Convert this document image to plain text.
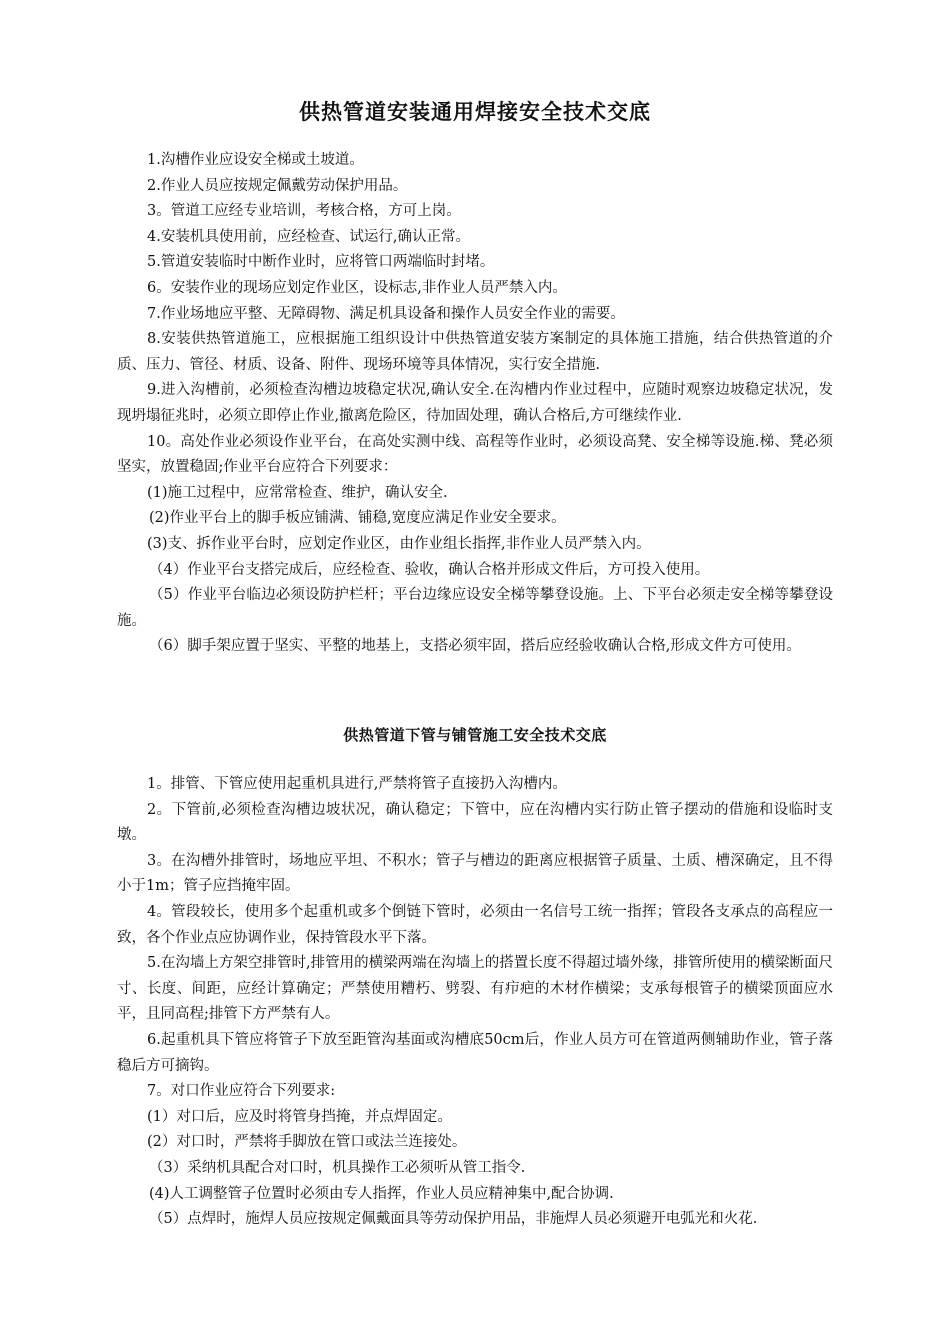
供热管道安装通用焊接安全技术交底

1.沟槽作业应设安全梯或土坡道。

2.作业人员应按规定佩戴劳动保护用品。

3。管道工应经专业培训，考核合格，方可上岗。

4.安装机具使用前，应经检查、试运行,确认正常。

5.管道安装临时中断作业时，应将管口两端临时封堵。

6。安装作业的现场应划定作业区，设标志,非作业人员严禁入内。

7.作业场地应平整、无障碍物、满足机具设备和操作人员安全作业的需要。

8.安装供热管道施工，应根据施工组织设计中供热管道安装方案制定的具体施工措施，结合供热管道的介质、压力、管径、材质、设备、附件、现场环境等具体情况，实行安全措施.

9.进入沟槽前，必须检查沟槽边坡稳定状况,确认安全.在沟槽内作业过程中，应随时观察边坡稳定状况，发现坍塌征兆时，必须立即停止作业,撤离危险区，待加固处理，确认合格后,方可继续作业.

10。高处作业必须设作业平台，在高处实测中线、高程等作业时，必须设高凳、安全梯等设施.梯、凳必须坚实，放置稳固;作业平台应符合下列要求：

(1)施工过程中，应常常检查、维护，确认安全.

(2)作业平台上的脚手板应铺满、铺稳,宽度应满足作业安全要求。

(3)支、拆作业平台时，应划定作业区，由作业组长指挥,非作业人员严禁入内。

（4）作业平台支搭完成后，应经检查、验收，确认合格并形成文件后，方可投入使用。

（5）作业平台临边必须设防护栏杆；平台边缘应设安全梯等攀登设施。上、下平台必须走安全梯等攀登设施。

（6）脚手架应置于坚实、平整的地基上，支搭必须牢固，搭后应经验收确认合格,形成文件方可使用。

供热管道下管与铺管施工安全技术交底

1。排管、下管应使用起重机具进行,严禁将管子直接扔入沟槽内。

2。下管前,必须检查沟槽边坡状况，确认稳定；下管中，应在沟槽内实行防止管子摆动的借施和设临时支墩。

3。在沟槽外排管时，场地应平坦、不积水；管子与槽边的距离应根据管子质量、土质、槽深确定，且不得小于1m；管子应挡掩牢固。

4。管段较长，使用多个起重机或多个倒链下管时，必须由一名信号工统一指挥；管段各支承点的高程应一致，各个作业点应协调作业，保持管段水平下落。

5.在沟墙上方架空排管时,排管用的横梁两端在沟墙上的搭置长度不得超过墙外缘，排管所使用的横梁断面尺寸、长度、间距，应经计算确定；严禁使用糟朽、劈裂、有疖疤的木材作横梁；支承每根管子的横梁顶面应水平，且同高程;排管下方严禁有人。

6.起重机具下管应将管子下放至距管沟基面或沟槽底50cm后，作业人员方可在管道两侧辅助作业，管子落稳后方可摘钩。

7。对口作业应符合下列要求:

(1）对口后，应及时将管身挡掩，并点焊固定。

(2）对口时，严禁将手脚放在管口或法兰连接处。

（3）采纳机具配合对口时，机具操作工必须听从管工指令.

(4)人工调整管子位置时必须由专人指挥，作业人员应精神集中,配合协调.

（5）点焊时，施焊人员应按规定佩戴面具等劳动保护用品，非施焊人员必须避开电弧光和火花.
